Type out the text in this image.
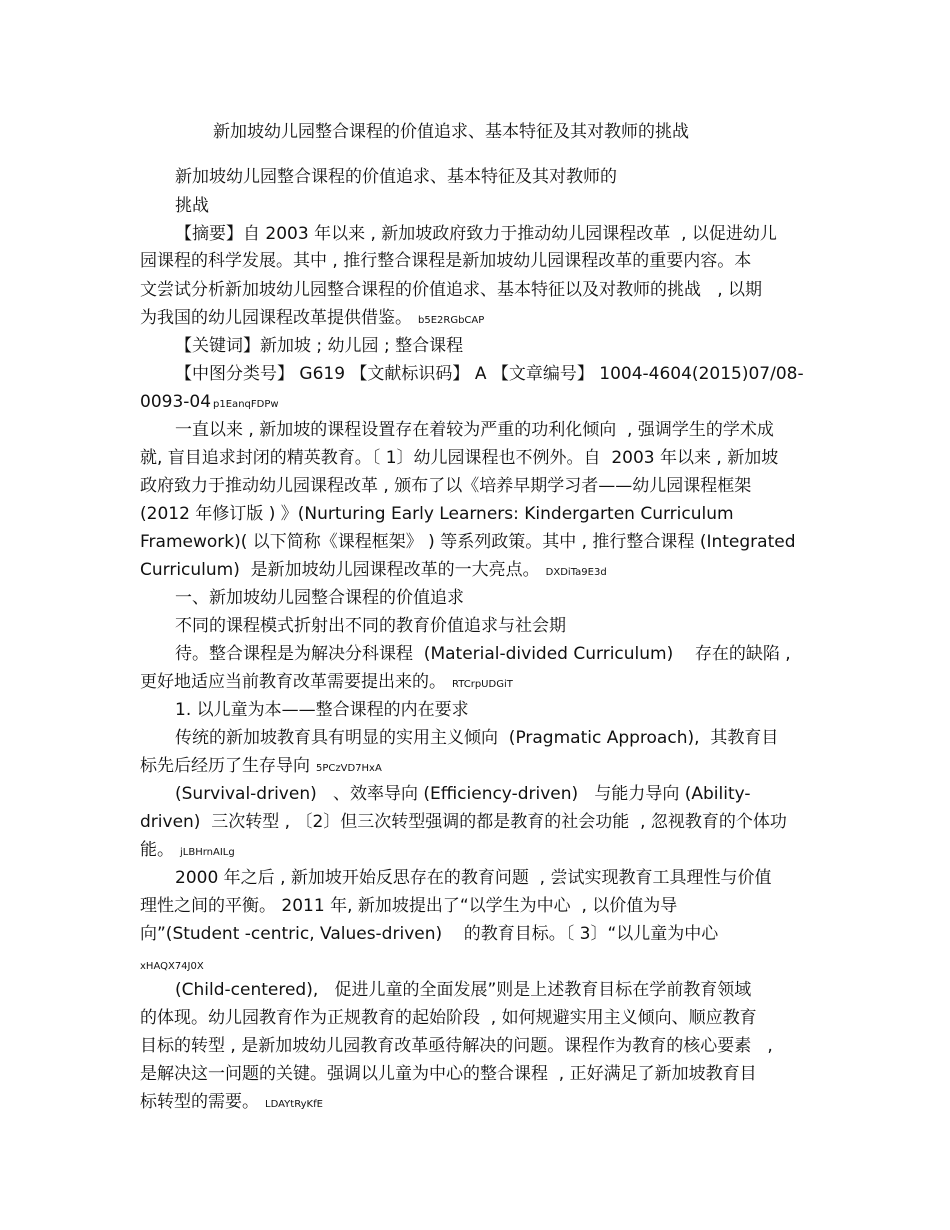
新加坡幼儿园整合课程的价值追求、基本特征及其对教师的挑战
新加坡幼儿园整合课程的价值追求、基本特征及其对教师的
挑战
【摘要】自 2003 年以来 , 新加坡政府致力于推动幼儿园课程改革  , 以促进幼儿
园课程的科学发展。其中 , 推行整合课程是新加坡幼儿园课程改革的重要内容。本
文尝试分析新加坡幼儿园整合课程的价值追求、基本特征以及对教师的挑战   , 以期
为我国的幼儿园课程改革提供借鉴。 b5E2RGbCAP
【关键词】新加坡 ; 幼儿园 ; 整合课程
【中图分类号】 G619 【文献标识码】 A 【文章编号】 1004-4604(2015)07/08-
0093-04 p1EanqFDPw
一直以来 , 新加坡的课程设置存在着较为严重的功利化倾向  , 强调学生的学术成
就, 盲目追求封闭的精英教育。〔 1〕幼儿园课程也不例外。自  2003 年以来 , 新加坡
政府致力于推动幼儿园课程改革 , 颁布了以《培养早期学习者——幼儿园课程框架
(2012 年修订版 ) 》(Nurturing Early Learners: Kindergarten Curriculum
Framework)( 以下简称《课程框架》 ) 等系列政策。其中 , 推行整合课程 (Integrated
Curriculum)  是新加坡幼儿园课程改革的一大亮点。 DXDiTa9E3d
一、新加坡幼儿园整合课程的价值追求
不同的课程模式折射出不同的教育价值追求与社会期
待。整合课程是为解决分科课程  (Material-divided Curriculum)    存在的缺陷 ,
更好地适应当前教育改革需要提出来的。 RTCrpUDGiT
1. 以儿童为本——整合课程的内在要求
传统的新加坡教育具有明显的实用主义倾向  (Pragmatic Approach),  其教育目
标先后经历了生存导向 5PCzVD7HxA
(Survival-driven)   、效率导向 (Efficiency-driven)   与能力导向 (Ability-
driven)  三次转型 , 〔2〕但三次转型强调的都是教育的社会功能  , 忽视教育的个体功
能。 jLBHrnAILg
2000 年之后 , 新加坡开始反思存在的教育问题  , 尝试实现教育工具理性与价值
理性之间的平衡。 2011 年, 新加坡提出了“以学生为中心  , 以价值为导
向”(Student -centric, Values-driven)    的教育目标。〔 3〕“以儿童为中心
xHAQX74J0X
(Child-centered),   促进儿童的全面发展”则是上述教育目标在学前教育领域
的体现。幼儿园教育作为正规教育的起始阶段  , 如何规避实用主义倾向、顺应教育
目标的转型 , 是新加坡幼儿园教育改革亟待解决的问题。课程作为教育的核心要素   ,
是解决这一问题的关键。强调以儿童为中心的整合课程  , 正好满足了新加坡教育目
标转型的需要。 LDAYtRyKfE
